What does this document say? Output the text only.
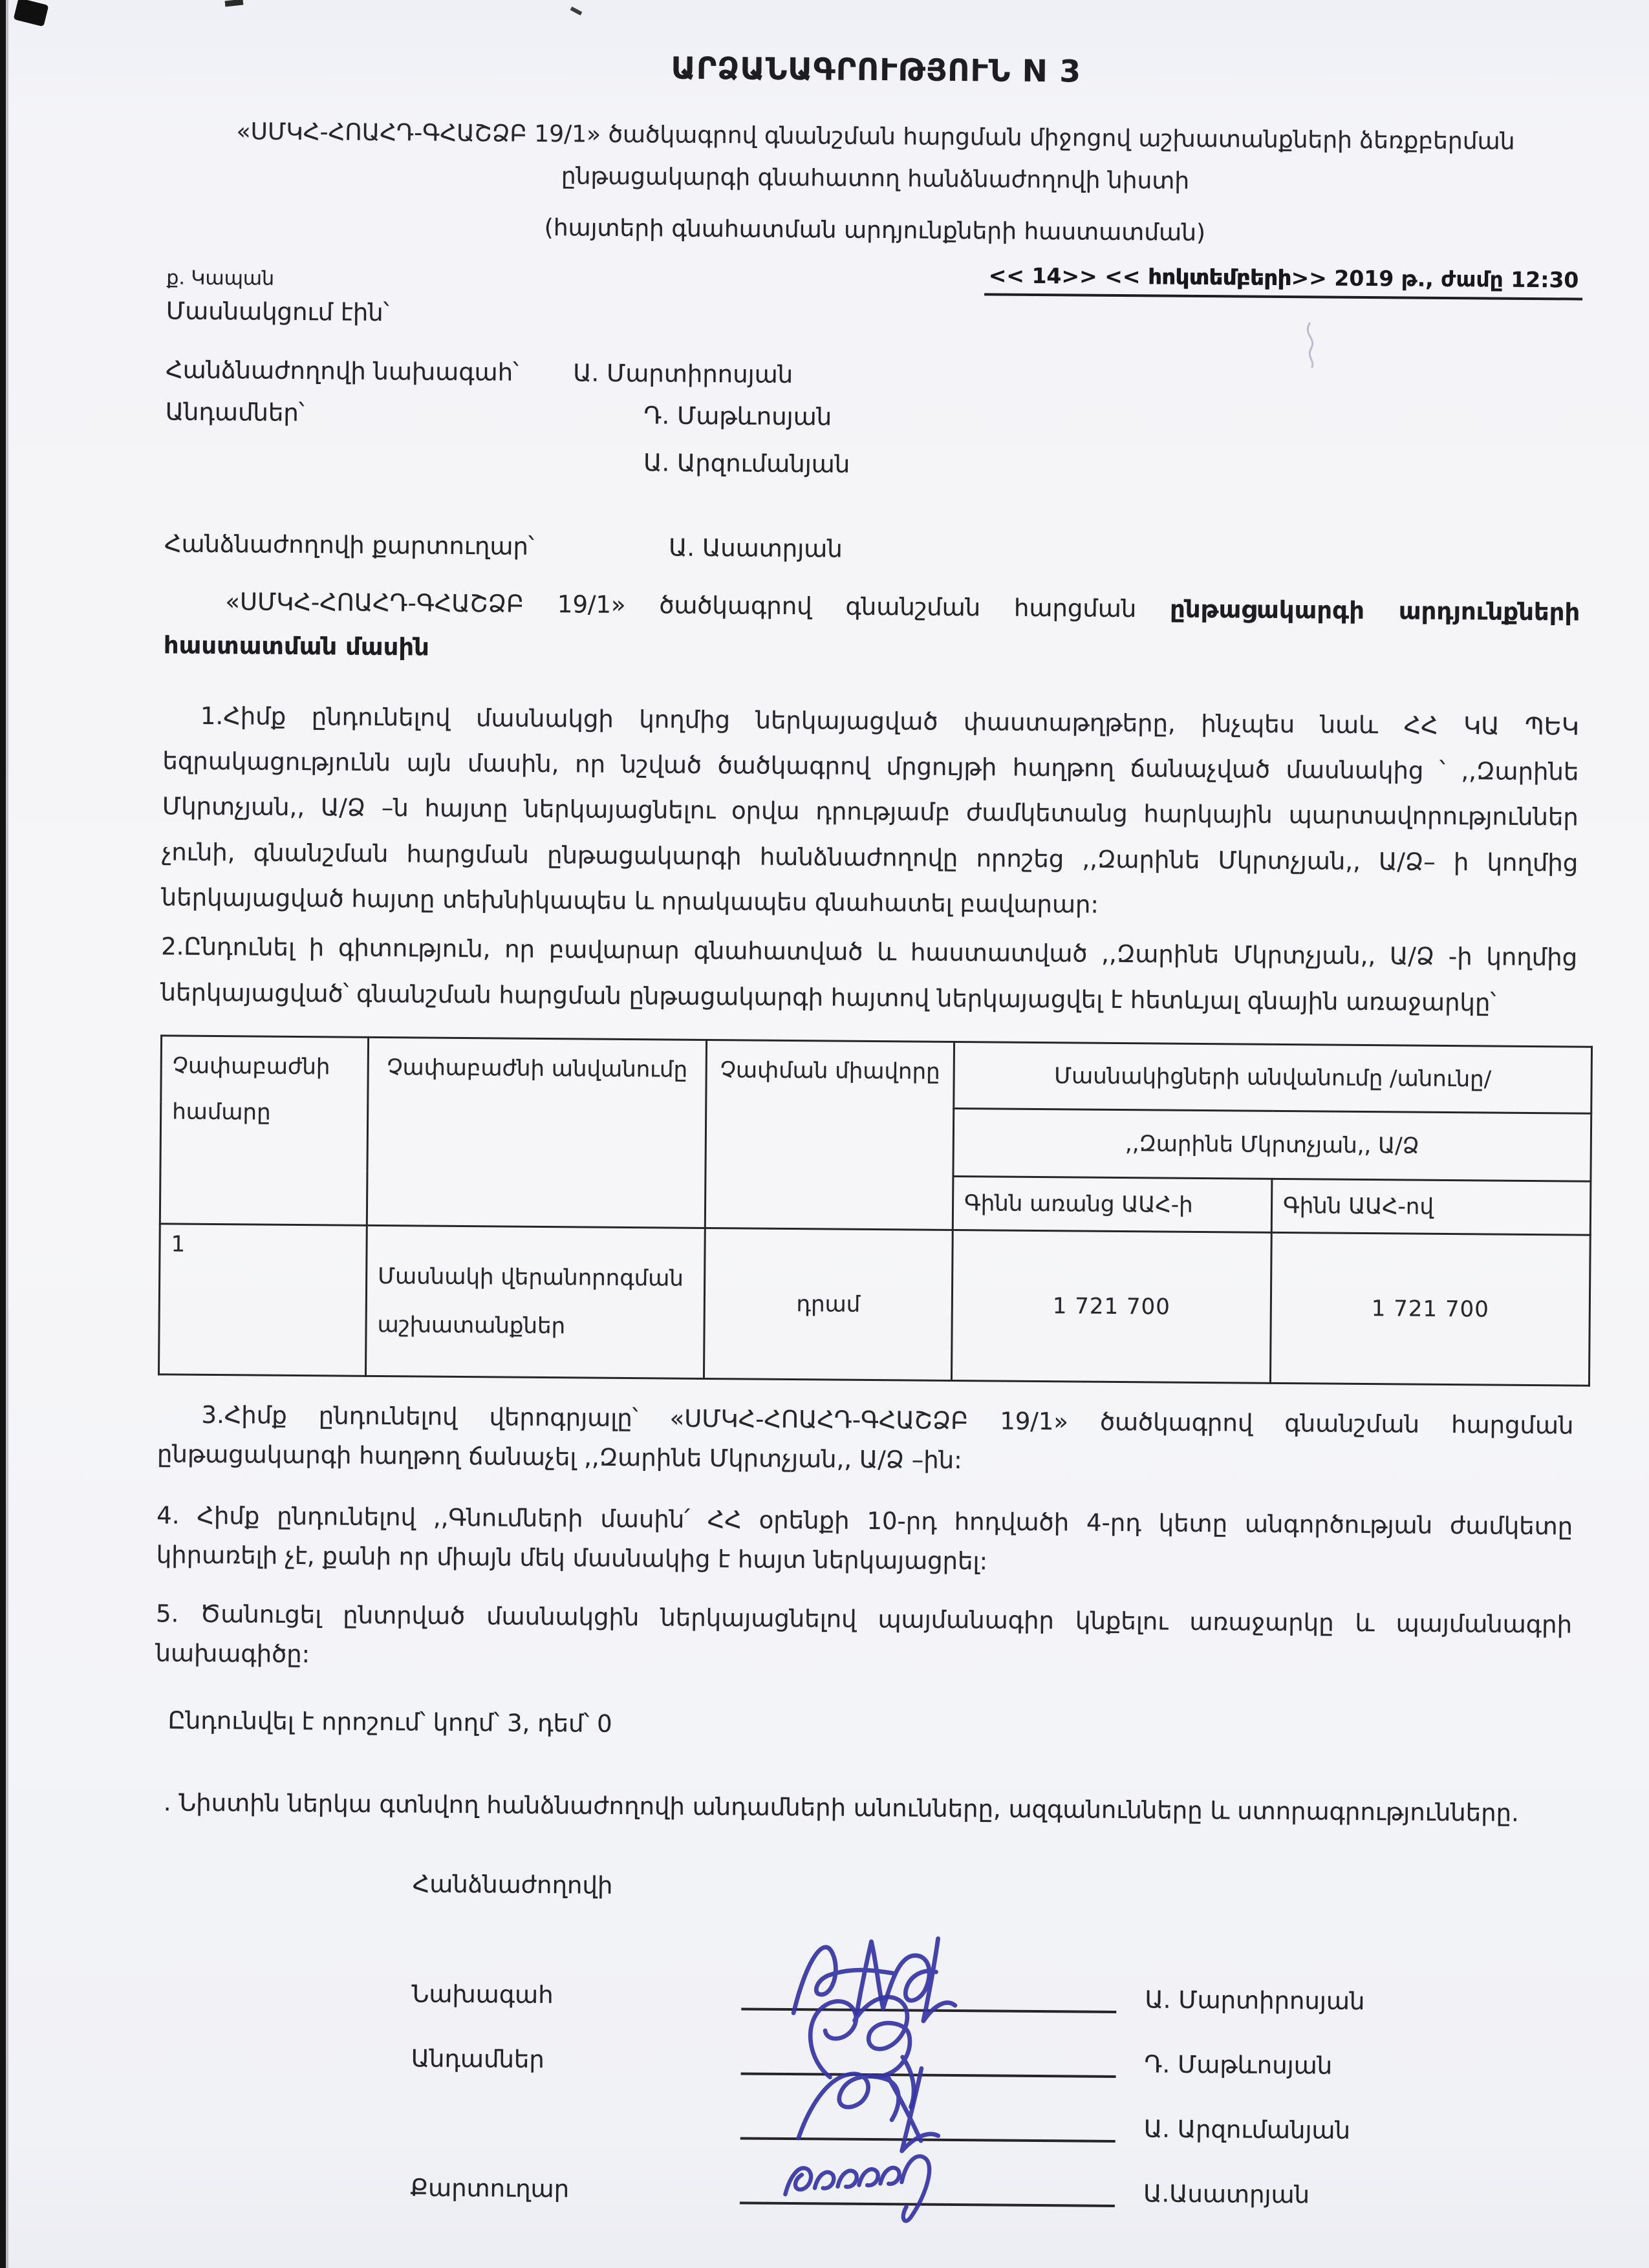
ԱՐՁԱՆԱԳՐՈՒԹՅՈՒՆ N 3
«ՍՄԿՀ-ՀՈԱՀԴ-ԳՀԱՇՁԲ 19/1» ծածկագրով գնանշման հարցման միջոցով աշխատանքների ձեռքբերման ընթացակարգի գնահատող հանձնաժողովի նիստի
(հայտերի գնահատման արդյունքների հաստատման)
ք. Կապան	<< 14>> << հոկտեմբերի>> 2019 թ., ժամը 12:30
Մասնակցում էին՝
Հանձնաժողովի նախագահ՝	Ա. Մարտիրոսյան
Անդամներ՝	Դ. Մաթևոսյան
Ա. Արզումանյան
Հանձնաժողովի քարտուղար՝	Ա. Ասատրյան
«ՍՄԿՀ-ՀՈԱՀԴ-ԳՀԱՇՁԲ 19/1» ծածկագրով գնանշման հարցման ընթացակարգի արդյունքների հաստատման մասին
1.Հիմք ընդունելով մասնակցի կողմից ներկայացված փաստաթղթերը, ինչպես նաև ՀՀ ԿԱ ՊԵԿ եզրակացությունն այն մասին, որ նշված ծածկագրով մրցույթի հաղթող ճանաչված մասնակից ՝ ,,Զարինե Մկրտչյան,, Ա/Ձ –ն հայտը ներկայացնելու օրվա դրությամբ ժամկետանց հարկային պարտավորություններ չունի, գնանշման հարցման ընթացակարգի հանձնաժողովը որոշեց ,,Զարինե Մկրտչյան,, Ա/Ձ– ի կողմից ներկայացված հայտը տեխնիկապես և որակապես գնահատել բավարար:
2.Ընդունել ի գիտություն, որ բավարար գնահատված և հաստատված ,,Զարինե Մկրտչյան,, Ա/Ձ -ի կողմից ներկայացված՝ գնանշման հարցման ընթացակարգի հայտով ներկայացվել է հետևյալ գնային առաջարկը՝
Չափաբաժնի համարը	Չափաբաժնի անվանումը	Չափման միավորը	Մասնակիցների անվանումը /անունը/	
			,,Զարինե Մկրտչյան,, Ա/Ձ	
			Գինն առանց ԱԱՀ-ի	Գինն ԱԱՀ-ով
1	Մասնակի վերանորոգման աշխատանքներ	դրամ	1 721 700	1 721 700
3.Հիմք ընդունելով վերոգրյալը՝ «ՍՄԿՀ-ՀՈԱՀԴ-ԳՀԱՇՁԲ 19/1» ծածկագրով գնանշման հարցման ընթացակարգի հաղթող ճանաչել ,,Զարինե Մկրտչյան,, Ա/Ձ –ին:
4. Հիմք ընդունելով ,,Գնումների մասին՛ ՀՀ օրենքի 10-րդ հոդվածի 4-րդ կետը անգործության ժամկետը կիրառելի չէ, քանի որ միայն մեկ մասնակից է հայտ ներկայացրել:
5. Ծանուցել ընտրված մասնակցին ներկայացնելով պայմանագիր կնքելու առաջարկը և պայմանագրի նախագիծը:
Ընդունվել է որոշում՝ կողմ՝ 3, դեմ՝ 0
. Նիստին ներկա գտնվող հանձնաժողովի անդամների անունները, ազգանունները և ստորագրությունները.
Հանձնաժողովի
Նախագահ	Ա. Մարտիրոսյան
Անդամներ	Դ. Մաթևոսյան
Ա. Արզումանյան
Քարտուղար	Ա.Ասատրյան
